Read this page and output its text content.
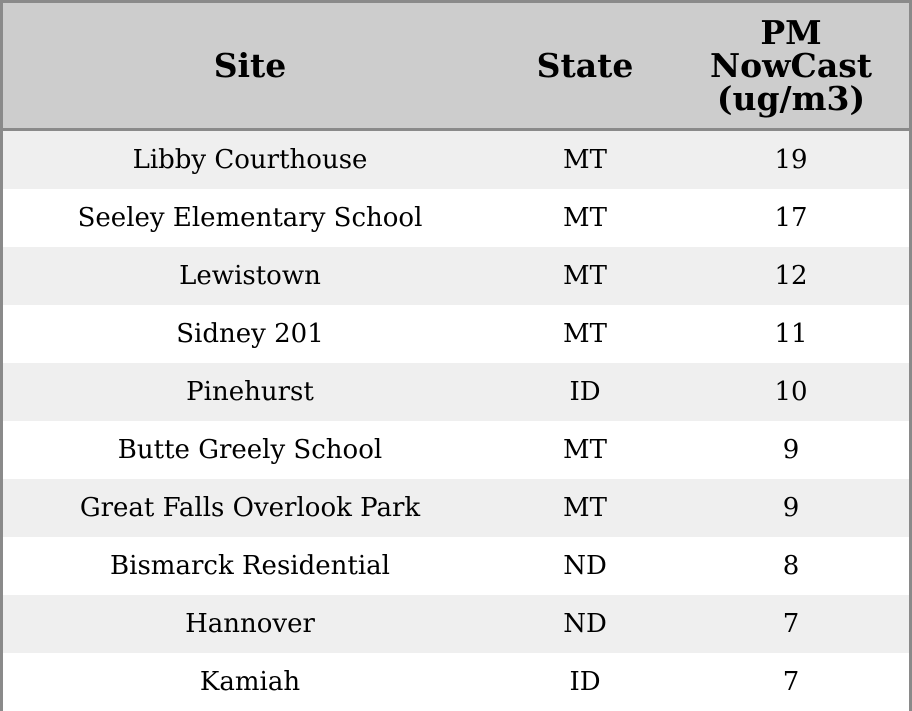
Site	State	PM
NowCast
(ug/m3)

Libby Courthouse	MT	19
Seeley Elementary School	MT	17
Lewistown	MT	12
Sidney 201	MT	11
Pinehurst	ID	10
Butte Greely School	MT	9
Great Falls Overlook Park	MT	9
Bismarck Residential	ND	8
Hannover	ND	7
Kamiah	ID	7
